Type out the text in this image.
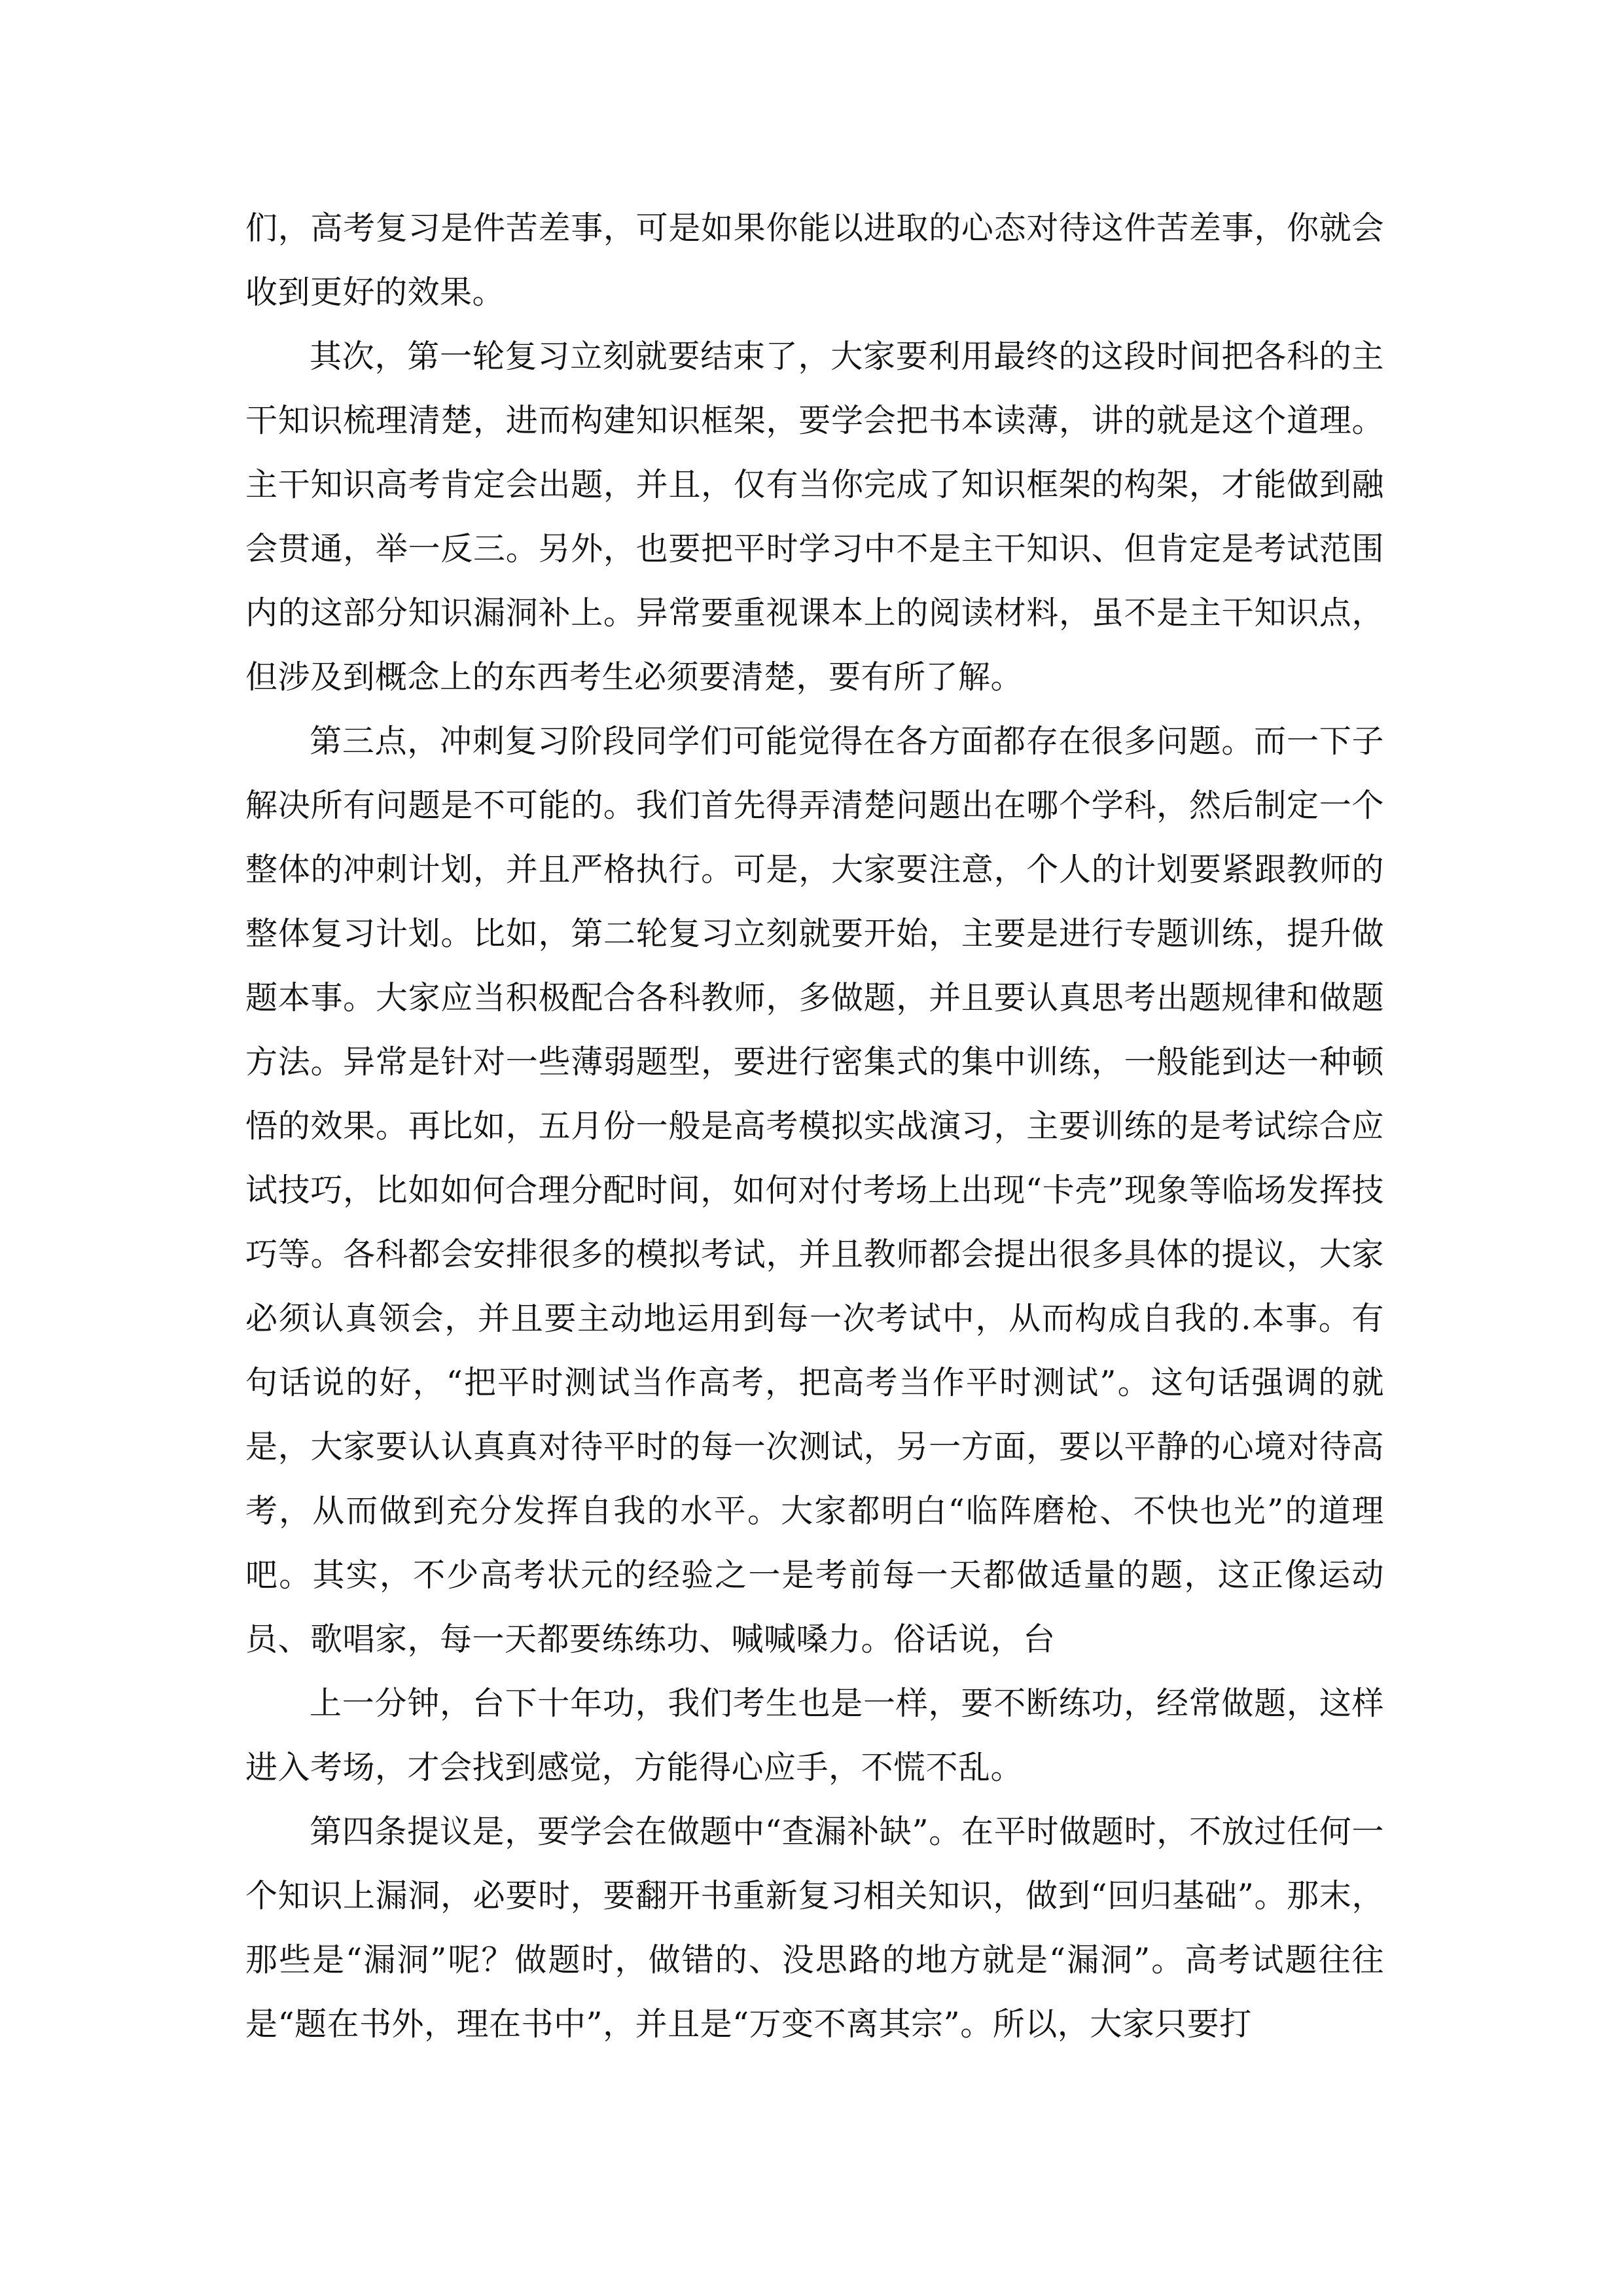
们，高考复习是件苦差事，可是如果你能以进取的心态对待这件苦差事，你就会收到更好的效果。

其次，第一轮复习立刻就要结束了，大家要利用最终的这段时间把各科的主干知识梳理清楚，进而构建知识框架，要学会把书本读薄，讲的就是这个道理。主干知识高考肯定会出题，并且，仅有当你完成了知识框架的构架，才能做到融会贯通，举一反三。另外，也要把平时学习中不是主干知识、但肯定是考试范围内的这部分知识漏洞补上。异常要重视课本上的阅读材料，虽不是主干知识点，但涉及到概念上的东西考生必须要清楚，要有所了解。

第三点，冲刺复习阶段同学们可能觉得在各方面都存在很多问题。而一下子解决所有问题是不可能的。我们首先得弄清楚问题出在哪个学科，然后制定一个整体的冲刺计划，并且严格执行。可是，大家要注意，个人的计划要紧跟教师的整体复习计划。比如，第二轮复习立刻就要开始，主要是进行专题训练，提升做题本事。大家应当积极配合各科教师，多做题，并且要认真思考出题规律和做题方法。异常是针对一些薄弱题型，要进行密集式的集中训练，一般能到达一种顿悟的效果。再比如，五月份一般是高考模拟实战演习，主要训练的是考试综合应试技巧，比如如何合理分配时间，如何对付考场上出现“卡壳”现象等临场发挥技巧等。各科都会安排很多的模拟考试，并且教师都会提出很多具体的提议，大家必须认真领会，并且要主动地运用到每一次考试中，从而构成自我的.本事。有句话说的好，“把平时测试当作高考，把高考当作平时测试”。这句话强调的就是，大家要认认真真对待平时的每一次测试，另一方面，要以平静的心境对待高考，从而做到充分发挥自我的水平。大家都明白“临阵磨枪、不快也光”的道理吧。其实，不少高考状元的经验之一是考前每一天都做适量的题，这正像运动员、歌唱家，每一天都要练练功、喊喊嗓力。俗话说，台

上一分钟，台下十年功，我们考生也是一样，要不断练功，经常做题，这样进入考场，才会找到感觉，方能得心应手，不慌不乱。

第四条提议是，要学会在做题中“查漏补缺”。在平时做题时，不放过任何一个知识上漏洞，必要时，要翻开书重新复习相关知识，做到“回归基础”。那末，那些是“漏洞”呢？做题时，做错的、没思路的地方就是“漏洞”。高考试题往往是“题在书外，理在书中”，并且是“万变不离其宗”。所以，大家只要打
